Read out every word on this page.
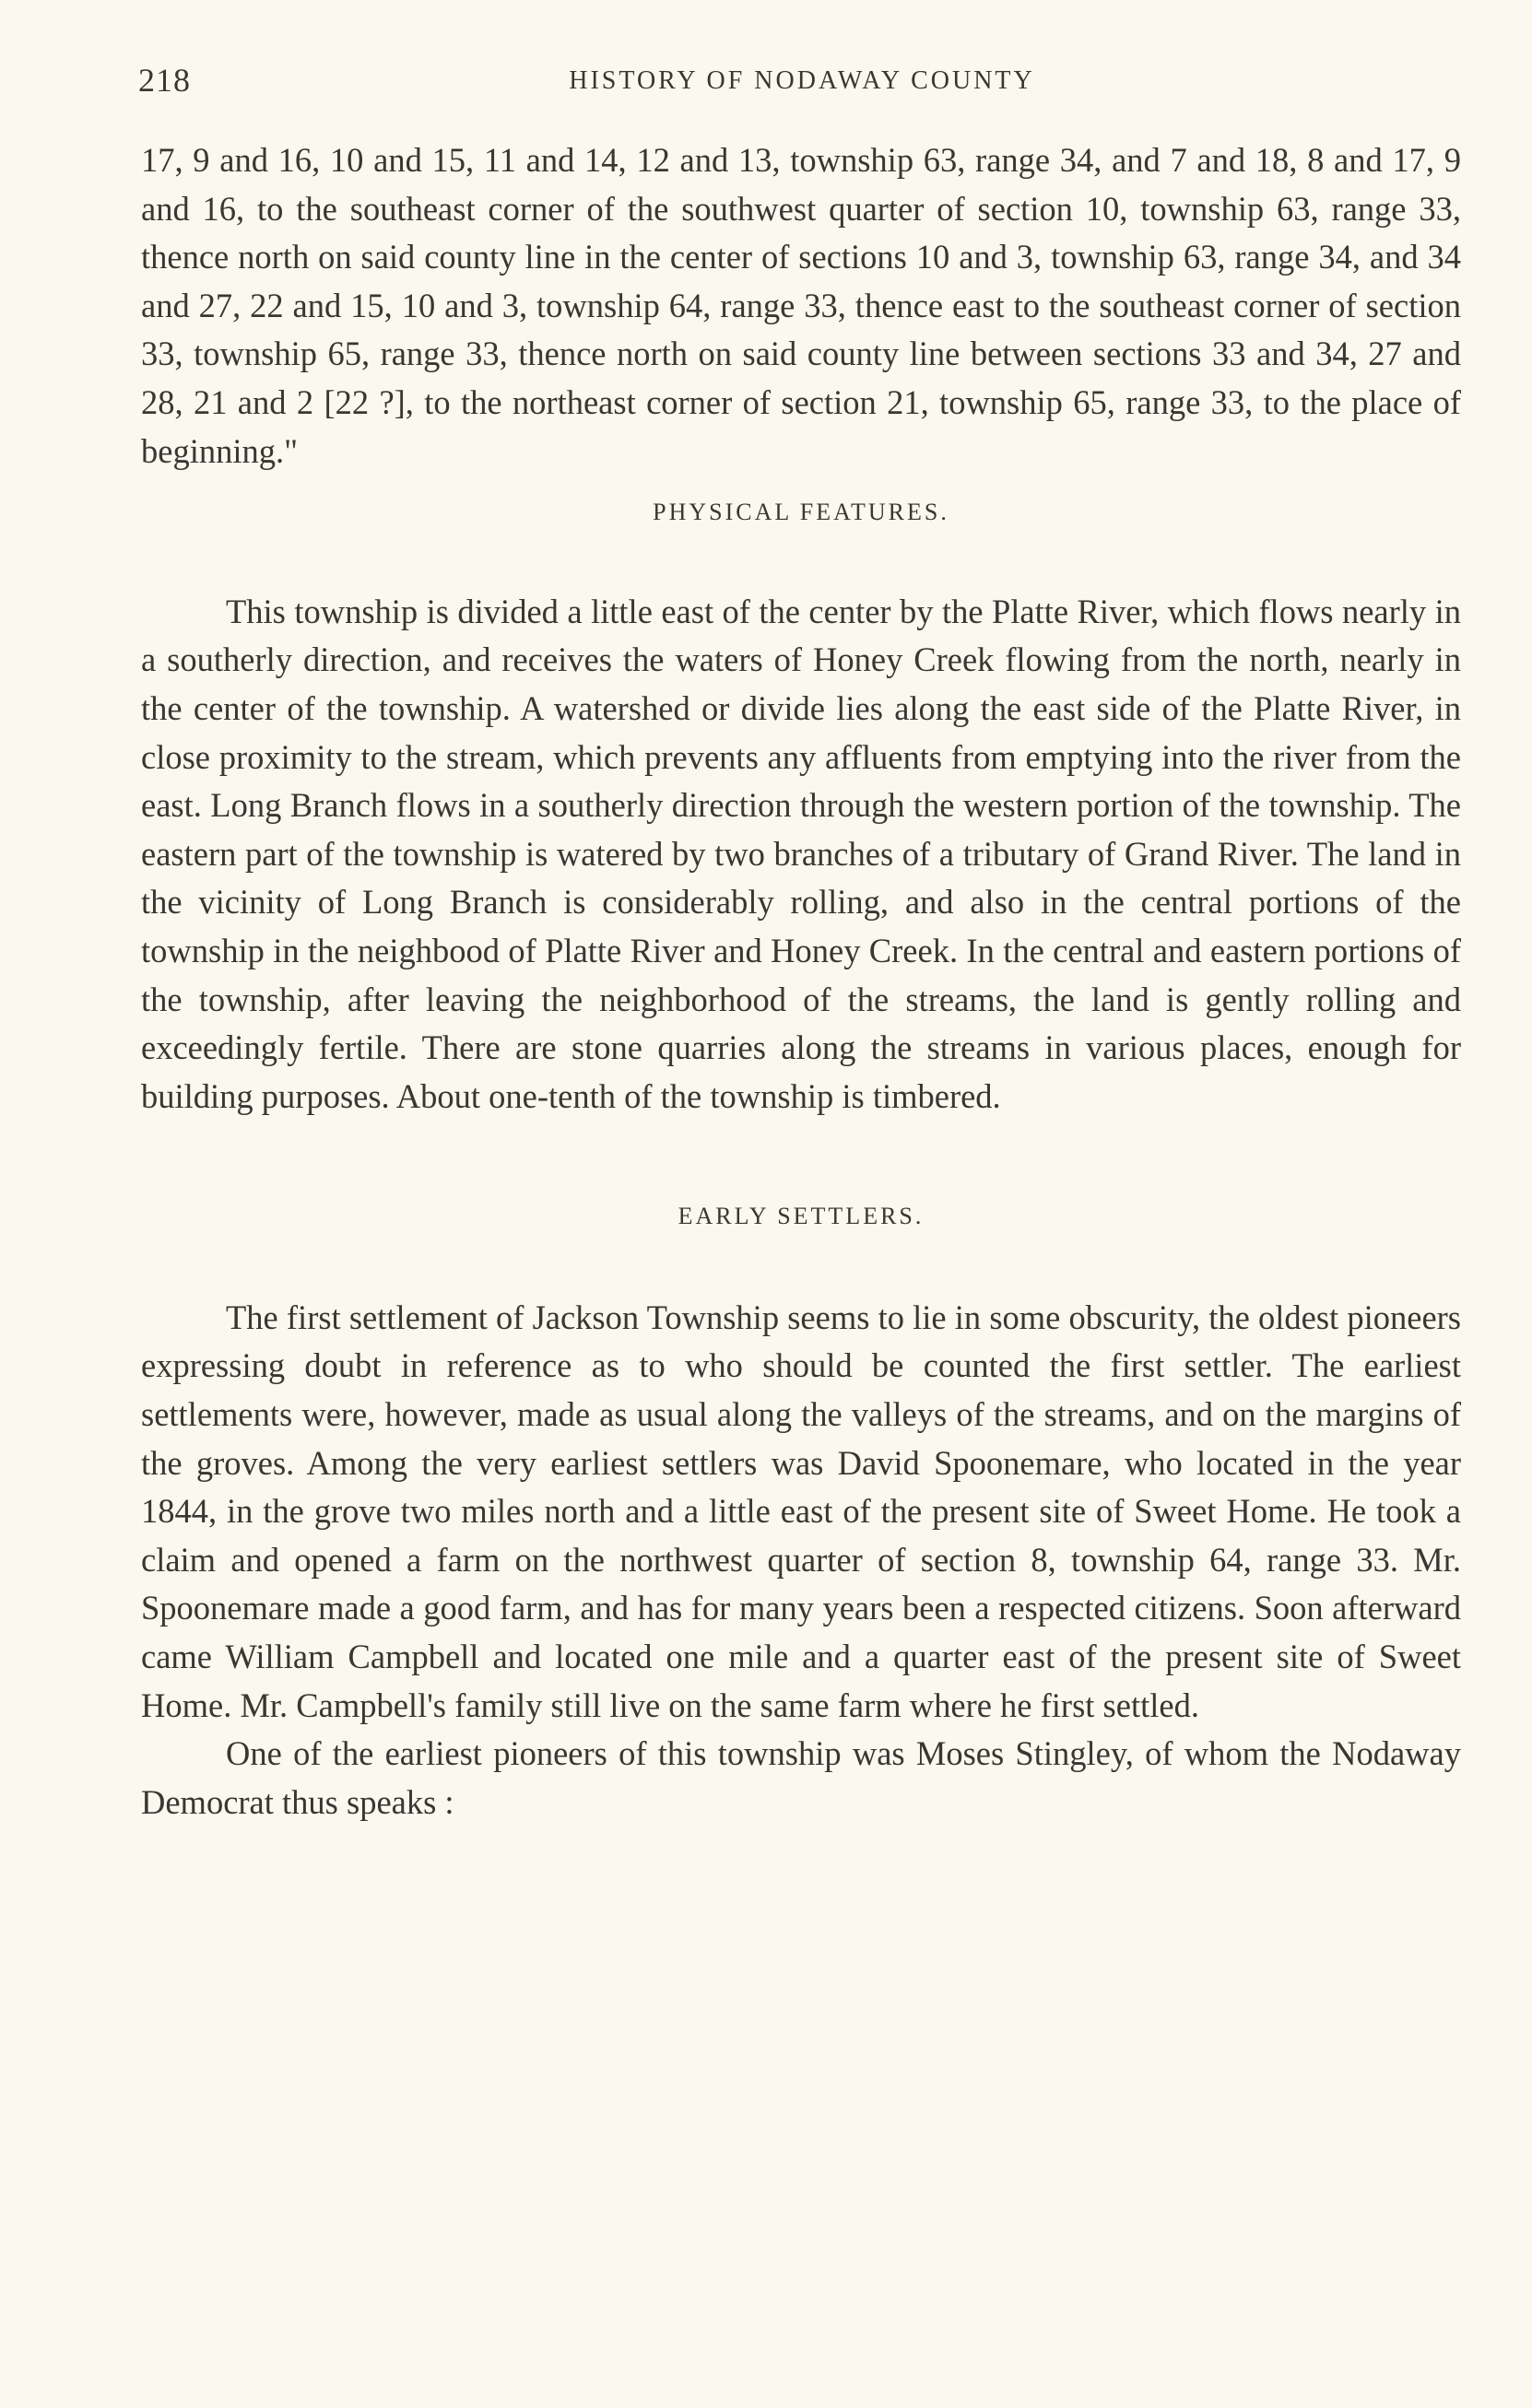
218	HISTORY OF NODAWAY COUNTY

17, 9 and 16, 10 and 15, 11 and 14, 12 and 13, township 63, range 34, and 7 and 18, 8 and 17, 9 and 16, to the southeast corner of the southwest quarter of section 10, township 63, range 33, thence north on said county line in the center of sections 10 and 3, township 63, range 34, and 34 and 27, 22 and 15, 10 and 3, township 64, range 33, thence east to the southeast corner of section 33, township 65, range 33, thence north on said county line between sections 33 and 34, 27 and 28, 21 and 2 [22 ?], to the northeast corner of section 21, township 65, range 33, to the place of beginning."

PHYSICAL FEATURES.

This township is divided a little east of the center by the Platte River, which flows nearly in a southerly direction, and receives the waters of Honey Creek flowing from the north, nearly in the center of the township. A watershed or divide lies along the east side of the Platte River, in close proximity to the stream, which prevents any affluents from emptying into the river from the east. Long Branch flows in a southerly direction through the western portion of the township. The eastern part of the township is watered by two branches of a tributary of Grand River. The land in the vicinity of Long Branch is considerably rolling, and also in the central portions of the township in the neighbood of Platte River and Honey Creek. In the central and eastern portions of the township, after leaving the neighborhood of the streams, the land is gently rolling and exceedingly fertile. There are stone quarries along the streams in various places, enough for building purposes. About one-tenth of the township is timbered.

EARLY SETTLERS.

The first settlement of Jackson Township seems to lie in some obscurity, the oldest pioneers expressing doubt in reference as to who should be counted the first settler. The earliest settlements were, however, made as usual along the valleys of the streams, and on the margins of the groves. Among the very earliest settlers was David Spoonemare, who located in the year 1844, in the grove two miles north and a little east of the present site of Sweet Home. He took a claim and opened a farm on the northwest quarter of section 8, township 64, range 33. Mr. Spoonemare made a good farm, and has for many years been a respected citizens. Soon afterward came William Campbell and located one mile and a quarter east of the present site of Sweet Home. Mr. Campbell's family still live on the same farm where he first settled.

One of the earliest pioneers of this township was Moses Stingley, of whom the Nodaway Democrat thus speaks :
